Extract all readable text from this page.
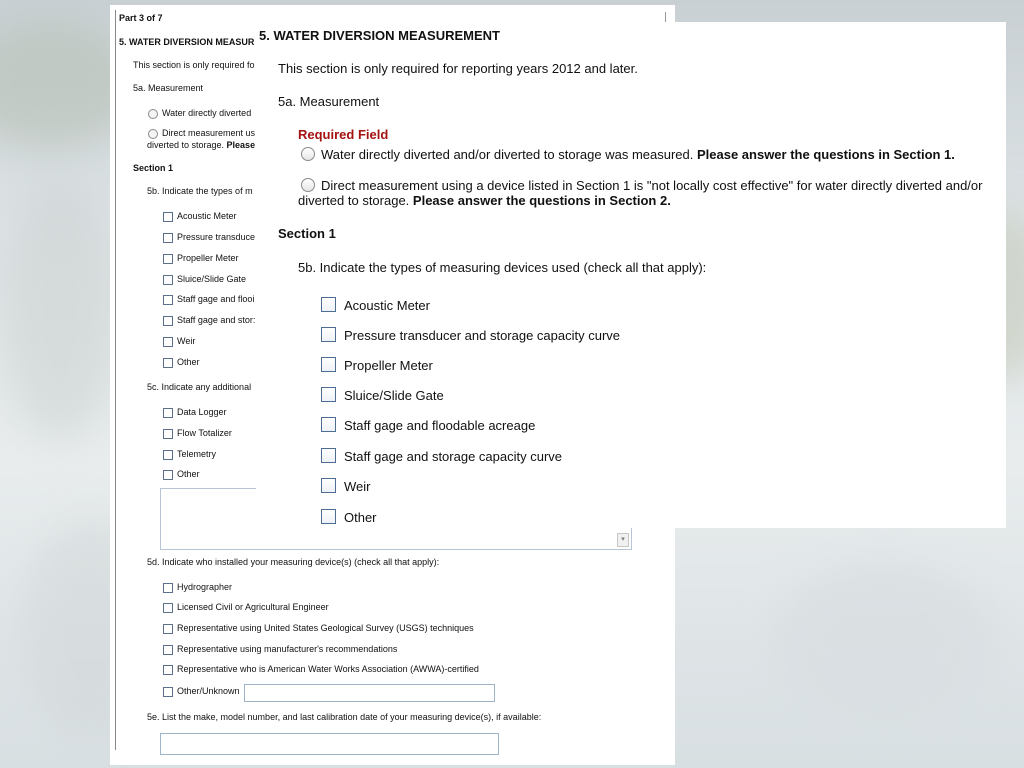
Part 3 of 7
5. WATER DIVERSION MEASUR
This section is only required fo
5a. Measurement
Water directly diverted
Direct measurement us
diverted to storage. Please
Section 1
5b. Indicate the types of m
Acoustic Meter
Pressure transduce
Propeller Meter
Sluice/Slide Gate
Staff gage and flooi
Staff gage and stor:
Weir
Other
5c. Indicate any additional
Data Logger
Flow Totalizer
Telemetry
Other
▾
5d. Indicate who installed your measuring device(s) (check all that apply):
Hydrographer
Licensed Civil or Agricultural Engineer
Representative using United States Geological Survey (USGS) techniques
Representative using manufacturer's recommendations
Representative who is American Water Works Association (AWWA)-certified
Other/Unknown
5e. List the make, model number, and last calibration date of your measuring device(s), if available:
5. WATER DIVERSION MEASUREMENT
This section is only required for reporting years 2012 and later.
5a. Measurement
Required Field
Water directly diverted and/or diverted to storage was measured. Please answer the questions in Section 1.
Direct measurement using a device listed in Section 1 is "not locally cost effective" for water directly diverted and/or
diverted to storage. Please answer the questions in Section 2.
Section 1
5b. Indicate the types of measuring devices used (check all that apply):
Acoustic Meter
Pressure transducer and storage capacity curve
Propeller Meter
Sluice/Slide Gate
Staff gage and floodable acreage
Staff gage and storage capacity curve
Weir
Other
